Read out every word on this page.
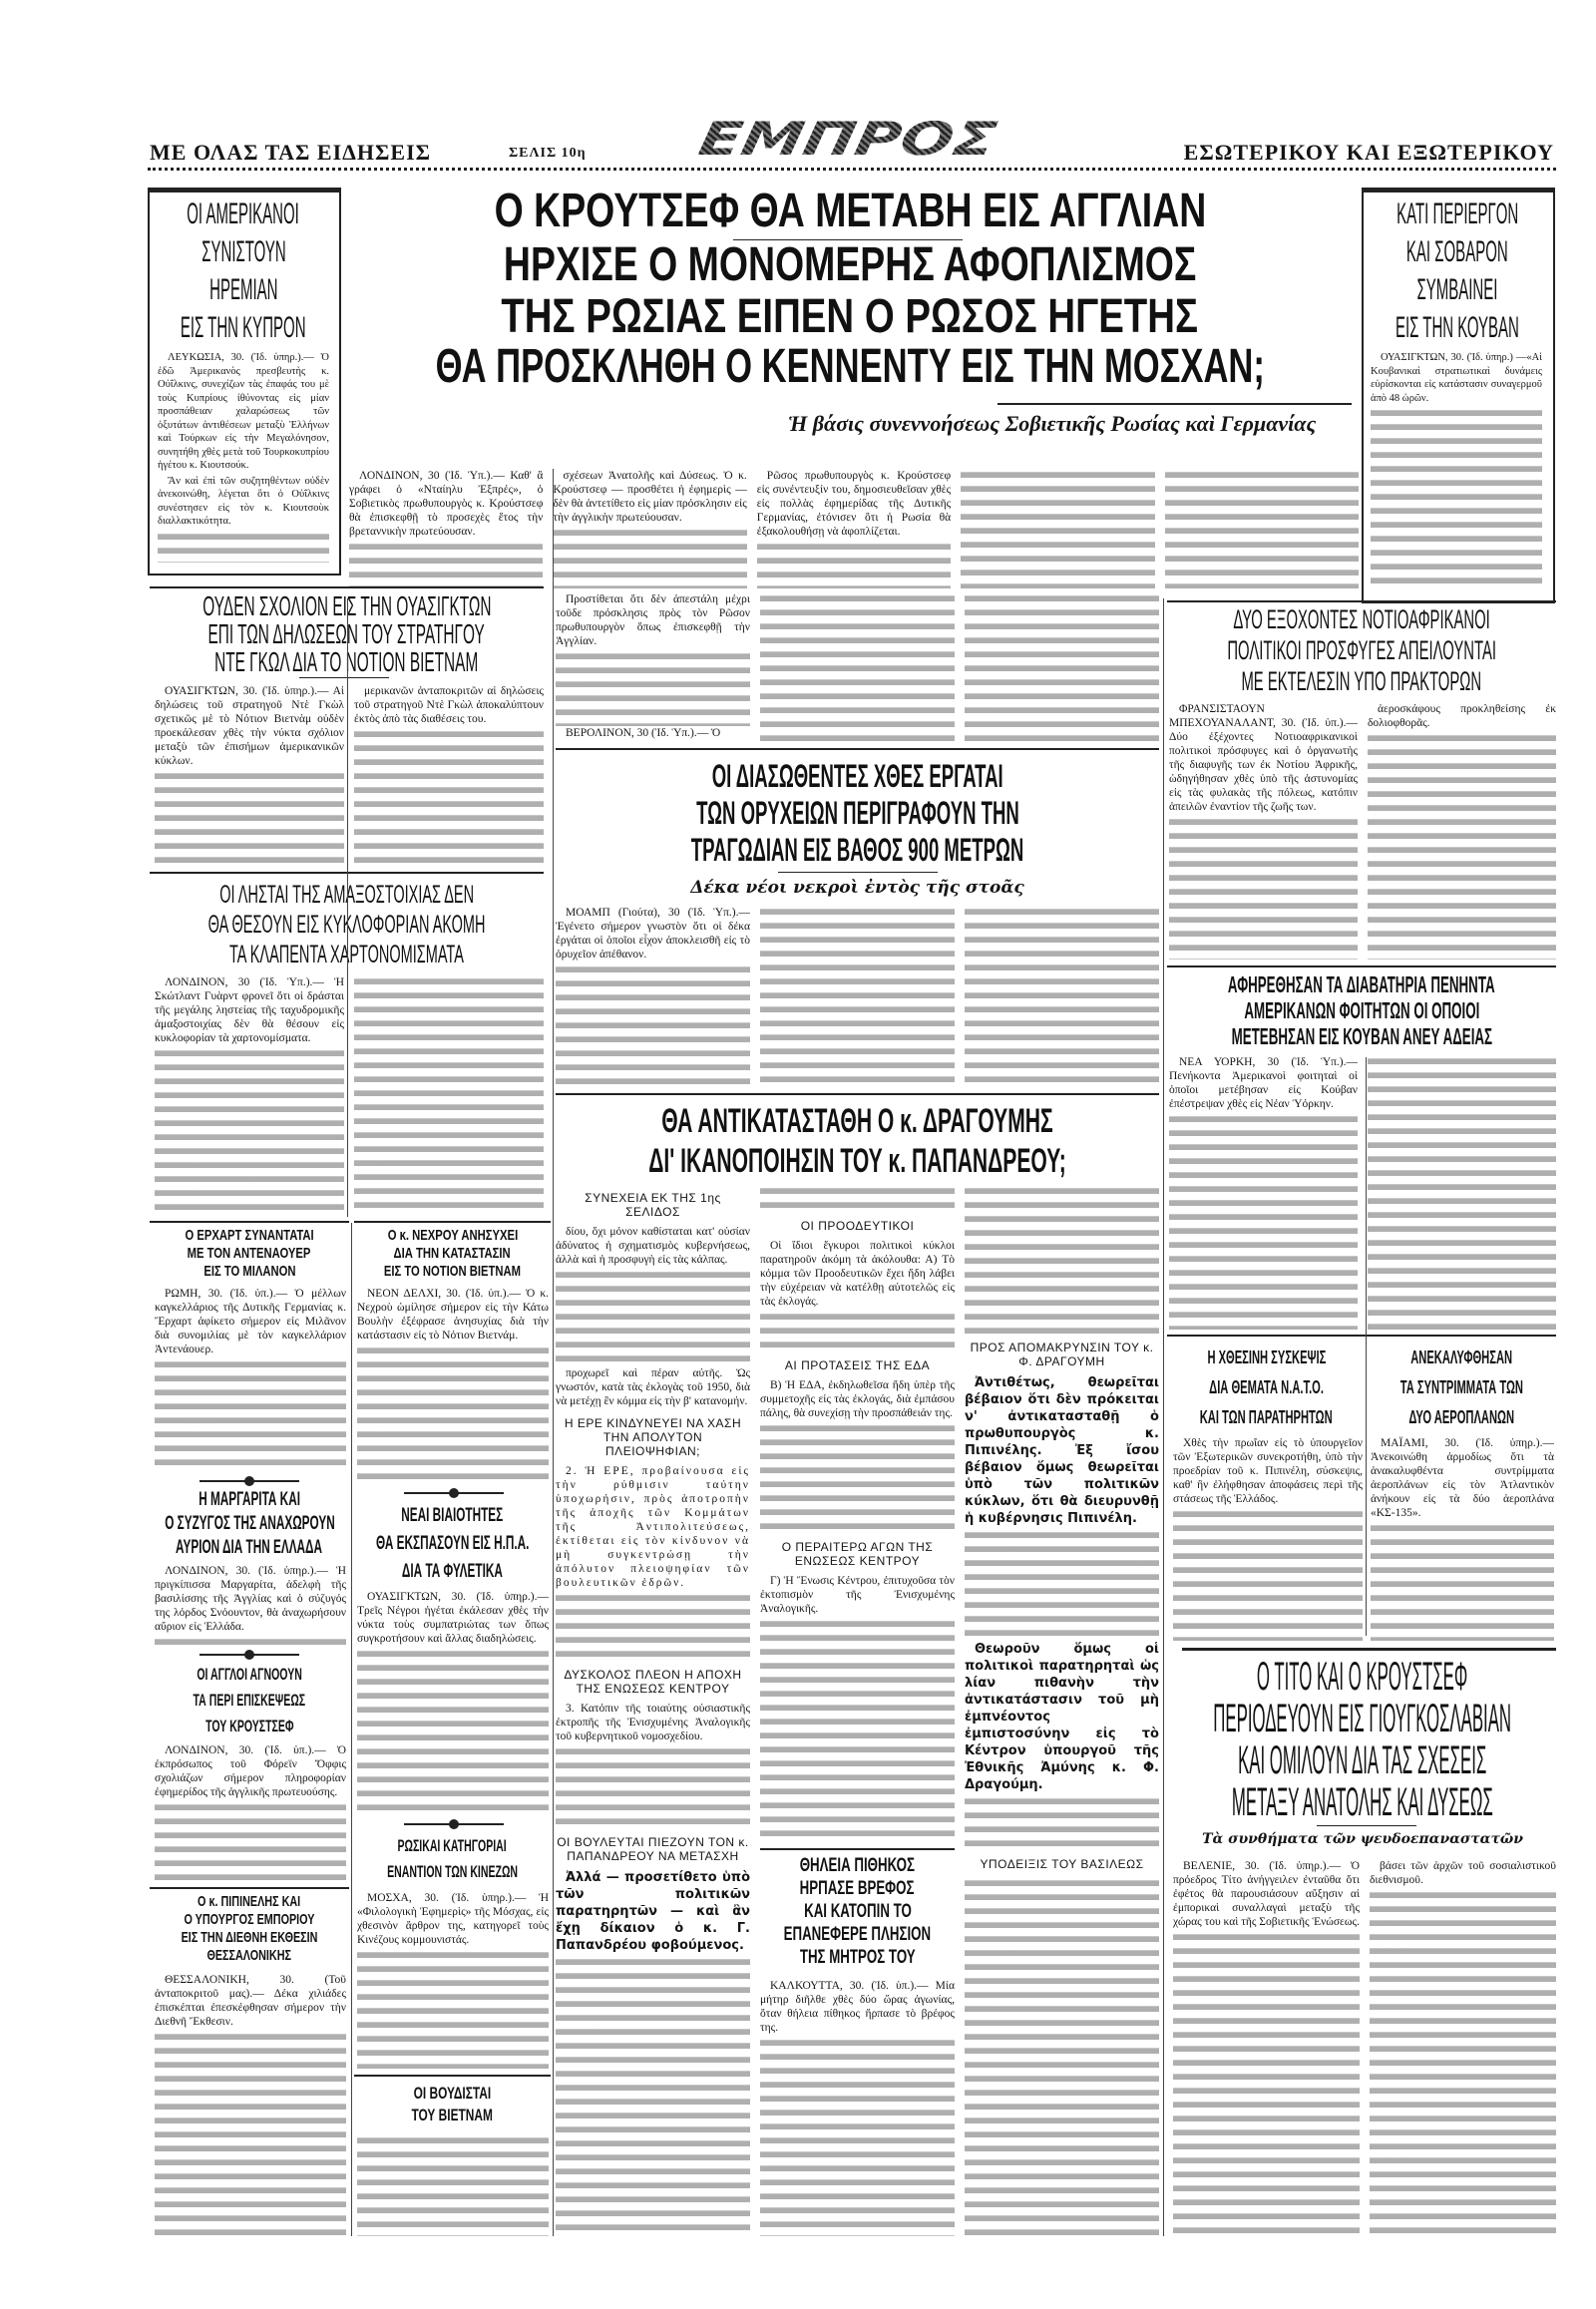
ΜΕ ΟΛΑΣ ΤΑΣ ΕΙΔΗΣΕΙΣ	ΣΕΛΙΣ 10η	ΕΜΠΡΟΣ	ΕΣΩΤΕΡΙΚΟΥ ΚΑΙ ΕΞΩΤΕΡΙΚΟΥ
ΟΙ ΑΜΕΡΙΚΑΝΟΙ
ΣΥΝΙΣΤΟΥΝ
ΗΡΕΜΙΑΝ
ΕΙΣ ΤΗΝ ΚΥΠΡΟΝ

ΛΕΥΚΩΣΙΑ, 30. (Ἰδ. ὑπηρ.).— Ὁ ἐδῶ Ἀμερικανὸς πρεσβευτὴς κ. Οὐΐλκινς, συνεχίζων τὰς ἐπαφάς του μὲ τοὺς Κυπρίους ἰθύνοντας εἰς μίαν προσπάθειαν χαλαρώσεως τῶν ὀξυτάτων ἀντιθέσεων μεταξὺ Ἑλλήνων καὶ Τούρκων εἰς τὴν Μεγαλόνησον, συνητήθη χθὲς μετὰ τοῦ Τουρκοκυπρίου ἡγέτου κ. Κιουτσούκ.

Ἂν καὶ ἐπὶ τῶν συζητηθέντων οὐδὲν ἀνεκοινώθη, λέγεται ὅτι ὁ Οὐΐλκινς συνέστησεν εἰς τὸν κ. Κιουτσοὺκ διαλλακτικότητα.

Ο ΚΡΟΥΤΣΕΦ ΘΑ ΜΕΤΑΒΗ ΕΙΣ ΑΓΓΛΙΑΝ
ΗΡΧΙΣΕ Ο ΜΟΝΟΜΕΡΗΣ ΑΦΟΠΛΙΣΜΟΣ
ΤΗΣ ΡΩΣΙΑΣ ΕΙΠΕΝ Ο ΡΩΣΟΣ ΗΓΕΤΗΣ
ΘΑ ΠΡΟΣΚΛΗΘΗ Ο ΚΕΝΝΕΝΤΥ ΕΙΣ ΤΗΝ ΜΟΣΧΑΝ;
Ἡ βάσις συνεννοήσεως Σοβιετικῆς Ρωσίας καὶ Γερμανίας

ΛΟΝΔΙΝΟΝ, 30 (Ἰδ. Ὑπ.).— Καθ' ἃ γράφει ὁ «Νταίηλυ Ἐξπρές», ὁ Σοβιετικὸς πρωθυπουργὸς κ. Κρούστσεφ θὰ ἐπισκεφθῇ τὸ προσεχὲς ἔτος τὴν βρεταννικὴν πρωτεύουσαν.

σχέσεων Ἀνατολῆς καὶ Δύσεως. Ὁ κ. Κρούστσεφ — προσθέτει ἡ ἐφημερὶς — δὲν θὰ ἀντετίθετο εἰς μίαν πρόσκλησιν εἰς τὴν ἀγγλικὴν πρωτεύουσαν.

Ρῶσος πρωθυπουργὸς κ. Κρούστσεφ εἰς συνέντευξίν του, δημοσιευθεῖσαν χθὲς εἰς πολλὰς ἐφημερίδας τῆς Δυτικῆς Γερμανίας, ἐτόνισεν ὅτι ἡ Ρωσία θὰ ἐξακολουθήσῃ νὰ ἀφοπλίζεται.

Προστίθεται ὅτι δὲν ἀπεστάλη μέχρι τοῦδε πρόσκλησις πρὸς τὸν Ρῶσον πρωθυπουργὸν ὅπως ἐπισκεφθῇ τὴν Ἀγγλίαν.

ΒΕΡΟΛΙΝΟΝ, 30 (Ἰδ. Ὑπ.).— Ὁ

ΚΑΤΙ ΠΕΡΙΕΡΓΟΝ
ΚΑΙ ΣΟΒΑΡΟΝ
ΣΥΜΒΑΙΝΕΙ
ΕΙΣ ΤΗΝ ΚΟΥΒΑΝ

ΟΥΑΣΙΓΚΤΩΝ, 30. (Ἰδ. ὑπηρ.) —«Αἱ Κουβανικαὶ στρατιωτικαὶ δυνάμεις εὑρίσκονται εἰς κατάστασιν συναγερμοῦ ἀπὸ 48 ὡρῶν.

ΟΥΔΕΝ ΣΧΟΛΙΟΝ ΕΙΣ ΤΗΝ ΟΥΑΣΙΓΚΤΩΝ
ΕΠΙ ΤΩΝ ΔΗΛΩΣΕΩΝ ΤΟΥ ΣΤΡΑΤΗΓΟΥ
ΝΤΕ ΓΚΩΛ ΔΙΑ ΤΟ ΝΟΤΙΟΝ ΒΙΕΤΝΑΜ

ΟΥΑΣΙΓΚΤΩΝ, 30. (Ἰδ. ὑπηρ.).— Αἱ δηλώσεις τοῦ στρατηγοῦ Ντὲ Γκὼλ σχετικῶς μὲ τὸ Νότιον Βιετνὰμ οὐδὲν προεκάλεσαν χθὲς τὴν νύκτα σχόλιον μεταξὺ τῶν ἐπισήμων ἀμερικανικῶν κύκλων.

μερικανῶν ἀνταποκριτῶν αἱ δηλώσεις τοῦ στρατηγοῦ Ντὲ Γκὼλ ἀποκαλύπτουν ἐκτὸς ἀπὸ τὰς διαθέσεις του.

ΔΥΟ ΕΞΟΧΟΝΤΕΣ ΝΟΤΙΟΑΦΡΙΚΑΝΟΙ
ΠΟΛΙΤΙΚΟΙ ΠΡΟΣΦΥΓΕΣ ΑΠΕΙΛΟΥΝΤΑΙ
ΜΕ ΕΚΤΕΛΕΣΙΝ ΥΠΟ ΠΡΑΚΤΟΡΩΝ

ΦΡΑΝΣΙΣΤΑΟΥΝ ΜΠΕΧΟΥΑΝΑΛΑΝΤ, 30. (Ἰδ. ὑπ.).— Δύο ἐξέχοντες Νοτιοαφρικανικοὶ πολιτικοὶ πρόσφυγες καὶ ὁ ὀργανωτὴς τῆς διαφυγῆς των ἐκ Νοτίου Ἀφρικῆς, ὡδηγήθησαν χθὲς ὑπὸ τῆς ἀστυνομίας εἰς τὰς φυλακὰς τῆς πόλεως, κατόπιν ἀπειλῶν ἐναντίον τῆς ζωῆς των.

ἀεροσκάφους προκληθείσης ἐκ δολιοφθορᾶς.

ΟΙ ΔΙΑΣΩΘΕΝΤΕΣ ΧΘΕΣ ΕΡΓΑΤΑΙ
ΤΩΝ ΟΡΥΧΕΙΩΝ ΠΕΡΙΓΡΑΦΟΥΝ ΤΗΝ
ΤΡΑΓΩΔΙΑΝ ΕΙΣ ΒΑΘΟΣ 900 ΜΕΤΡΩΝ
Δέκα νέοι νεκροὶ ἐντὸς τῆς στοᾶς

ΜΟΑΜΠ (Γιούτα), 30 (Ἰδ. Ὑπ.).— Ἐγένετο σήμερον γνωστὸν ὅτι οἱ δέκα ἐργάται οἱ ὁποῖοι εἶχον ἀποκλεισθῆ εἰς τὸ ὀρυχεῖον ἀπέθανον.

ΟΙ ΛΗΣΤΑΙ ΤΗΣ ΑΜΑΞΟΣΤΟΙΧΙΑΣ ΔΕΝ
ΘΑ ΘΕΣΟΥΝ ΕΙΣ ΚΥΚΛΟΦΟΡΙΑΝ ΑΚΟΜΗ
ΤΑ ΚΛΑΠΕΝΤΑ ΧΑΡΤΟΝΟΜΙΣΜΑΤΑ

ΛΟΝΔΙΝΟΝ, 30 (Ἰδ. Ὑπ.).— Ἡ Σκώτλαντ Γυὰρντ φρονεῖ ὅτι οἱ δράσται τῆς μεγάλης ληστείας τῆς ταχυδρομικῆς ἁμαξοστοιχίας δὲν θὰ θέσουν εἰς κυκλοφορίαν τὰ χαρτονομίσματα.

ΑΦΗΡΕΘΗΣΑΝ ΤΑ ΔΙΑΒΑΤΗΡΙΑ ΠΕΝΗΝΤΑ
ΑΜΕΡΙΚΑΝΩΝ ΦΟΙΤΗΤΩΝ ΟΙ ΟΠΟΙΟΙ
ΜΕΤΕΒΗΣΑΝ ΕΙΣ ΚΟΥΒΑΝ ΑΝΕΥ ΑΔΕΙΑΣ

ΝΕΑ ΥΟΡΚΗ, 30 (Ἰδ. Ὑπ.).— Πενήκοντα Ἀμερικανοὶ φοιτηταὶ οἱ ὁποῖοι μετέβησαν εἰς Κούβαν ἐπέστρεψαν χθὲς εἰς Νέαν Ὑόρκην.

ΘΑ ΑΝΤΙΚΑΤΑΣΤΑΘΗ Ο κ. ΔΡΑΓΟΥΜΗΣ
ΔΙ' ΙΚΑΝΟΠΟΙΗΣΙΝ ΤΟΥ κ. ΠΑΠΑΝΔΡΕΟΥ;
ΣΥΝΕΧΕΙΑ ΕΚ ΤΗΣ 1ης ΣΕΛΙΔΟΣ

δίου, ὄχι μόνον καθίσταται κατ' οὐσίαν ἀδύνατος ἡ σχηματισμὸς κυβερνήσεως, ἀλλὰ καὶ ἡ προσφυγὴ εἰς τὰς κάλπας.

προχωρεῖ καὶ πέραν αὐτῆς. Ὡς γνωστόν, κατὰ τὰς ἐκλογὰς τοῦ 1950, διὰ νὰ μετέχῃ ἓν κόμμα εἰς τὴν β' κατανομήν.

Η ΕΡΕ ΚΙΝΔΥΝΕΥΕΙ ΝΑ ΧΑΣΗ ΤΗΝ ΑΠΟΛΥΤΟΝ ΠΛΕΙΟΨΗΦΙΑΝ;

2. Ἡ ΕΡΕ, προβαίνουσα εἰς τὴν ρύθμισιν ταύτην ὑποχωρήσιν, πρὸς ἀποτροπὴν τῆς ἀποχῆς τῶν Κομμάτων τῆς Ἀντιπολιτεύσεως, ἐκτίθεται εἰς τὸν κίνδυνον νὰ μὴ συγκεντρώσῃ τὴν ἀπόλυτον πλειοψηφίαν τῶν βουλευτικῶν ἑδρῶν.

ΔΥΣΚΟΛΟΣ ΠΛΕΟΝ Η ΑΠΟΧΗ ΤΗΣ ΕΝΩΣΕΩΣ ΚΕΝΤΡΟΥ

3. Κατόπιν τῆς τοιαύτης οὐσιαστικῆς ἐκτροπῆς τῆς Ἐνισχυμένης Ἀναλογικῆς τοῦ κυβερνητικοῦ νομοσχεδίου.

ΟΙ ΒΟΥΛΕΥΤΑΙ ΠΙΕΖΟΥΝ ΤΟΝ κ. ΠΑΠΑΝΔΡΕΟΥ ΝΑ ΜΕΤΑΣΧΗ

Ἀλλά — προσετίθετο ὑπὸ τῶν πολιτικῶν παρατηρητῶν — καὶ ἂν ἔχῃ δίκαιον ὁ κ. Γ. Παπανδρέου φοβούμενος.

ΟΙ ΠΡΟΟΔΕΥΤΙΚΟΙ

Οἱ ἴδιοι ἔγκυροι πολιτικοὶ κύκλοι παρατηροῦν ἀκόμη τὰ ἀκόλουθα: Α) Τὸ κόμμα τῶν Προοδευτικῶν ἔχει ἤδη λάβει τὴν εὐχέρειαν νὰ κατέλθῃ αὐτοτελῶς εἰς τὰς ἐκλογάς.

ΑΙ ΠΡΟΤΑΣΕΙΣ ΤΗΣ ΕΔΑ

Β) Ἡ ΕΔΑ, ἐκδηλωθεῖσα ἤδη ὑπὲρ τῆς συμμετοχῆς εἰς τὰς ἐκλογάς, διὰ ἐμπάσου πάλης, θὰ συνεχίσῃ τὴν προσπάθειάν της.

Ο ΠΕΡΑΙΤΕΡΩ ΑΓΩΝ ΤΗΣ ΕΝΩΣΕΩΣ ΚΕΝΤΡΟΥ

Γ) Ἡ Ἕνωσις Κέντρου, ἐπιτυχοῦσα τὸν ἐκτοπισμὸν τῆς Ἐνισχυμένης Ἀναλογικῆς.

ΘΗΛΕΙΑ ΠΙΘΗΚΟΣ
ΗΡΠΑΣΕ ΒΡΕΦΟΣ
ΚΑΙ ΚΑΤΟΠΙΝ ΤΟ
ΕΠΑΝΕΦΕΡΕ ΠΛΗΣΙΟΝ
ΤΗΣ ΜΗΤΡΟΣ ΤΟΥ

ΚΑΛΚΟΥΤΤΑ, 30. (Ἰδ. ὑπ.).— Μία μήτηρ διῆλθε χθὲς δύο ὥρας ἀγωνίας, ὅταν θήλεια πίθηκος ἥρπασε τὸ βρέφος της.

ΠΡΟΣ ΑΠΟΜΑΚΡΥΝΣΙΝ ΤΟΥ κ. Φ. ΔΡΑΓΟΥΜΗ

Ἀντιθέτως, θεωρεῖται βέβαιον ὅτι δὲν πρόκειται ν' ἀντικατασταθῇ ὁ πρωθυπουργὸς κ. Πιπινέλης. Ἐξ ἴσου βέβαιον ὅμως θεωρεῖται ὑπὸ τῶν πολιτικῶν κύκλων, ὅτι θὰ διευρυνθῇ ἡ κυβέρνησις Πιπινέλη.

Θεωροῦν ὅμως οἱ πολιτικοὶ παρατηρηταὶ ὡς λίαν πιθανὴν τὴν ἀντικατάστασιν τοῦ μὴ ἐμπνέοντος ἐμπιστοσύνην εἰς τὸ Κέντρον ὑπουργοῦ τῆς Ἐθνικῆς Ἀμύνης κ. Φ. Δραγούμη.

ΥΠΟΔΕΙΞΙΣ ΤΟΥ ΒΑΣΙΛΕΩΣ
Ο ΕΡΧΑΡΤ ΣΥΝΑΝΤΑΤΑΙ
ΜΕ ΤΟΝ ΑΝΤΕΝΑΟΥΕΡ
ΕΙΣ ΤΟ ΜΙΛΑΝΟΝ

ΡΩΜΗ, 30. (Ἰδ. ὑπ.).— Ὁ μέλλων καγκελλάριος τῆς Δυτικῆς Γερμανίας κ. Ἔρχαρτ ἀφίκετο σήμερον εἰς Μιλᾶνον διὰ συνομιλίας μὲ τὸν καγκελλάριον Ἀντενάουερ.

Η ΜΑΡΓΑΡΙΤΑ ΚΑΙ
Ο ΣΥΖΥΓΟΣ ΤΗΣ ΑΝΑΧΩΡΟΥΝ
ΑΥΡΙΟΝ ΔΙΑ ΤΗΝ ΕΛΛΑΔΑ

ΛΟΝΔΙΝΟΝ, 30. (Ἰδ. ὑπηρ.).— Ἡ πριγκίπισσα Μαργαρίτα, ἀδελφὴ τῆς βασιλίσσης τῆς Ἀγγλίας καὶ ὁ σύζυγός της λόρδος Σνόουντον, θὰ ἀναχωρήσουν αὔριον εἰς Ἑλλάδα.

ΟΙ ΑΓΓΛΟΙ ΑΓΝΟΟΥΝ
ΤΑ ΠΕΡΙ ΕΠΙΣΚΕΨΕΩΣ
ΤΟΥ ΚΡΟΥΣΤΣΕΦ

ΛΟΝΔΙΝΟΝ, 30. (Ἰδ. ὑπ.).— Ὁ ἐκπρόσωπος τοῦ Φόρεϊν Ὄφφις σχολιάζων σήμερον πληροφορίαν ἐφημερίδος τῆς ἀγγλικῆς πρωτευούσης.

Ο κ. ΠΙΠΙΝΕΛΗΣ ΚΑΙ
Ο ΥΠΟΥΡΓΟΣ ΕΜΠΟΡΙΟΥ
ΕΙΣ ΤΗΝ ΔΙΕΘΝΗ ΕΚΘΕΣΙΝ
ΘΕΣΣΑΛΟΝΙΚΗΣ

ΘΕΣΣΑΛΟΝΙΚΗ, 30. (Τοῦ ἀνταποκριτοῦ μας).— Δέκα χιλιάδες ἐπισκέπται ἐπεσκέφθησαν σήμερον τὴν Διεθνῆ Ἔκθεσιν.

Ο κ. ΝΕΧΡΟΥ ΑΝΗΣΥΧΕΙ
ΔΙΑ ΤΗΝ ΚΑΤΑΣΤΑΣΙΝ
ΕΙΣ ΤΟ ΝΟΤΙΟΝ ΒΙΕΤΝΑΜ

ΝΕΟΝ ΔΕΛΧΙ, 30. (Ἰδ. ὑπ.).— Ὁ κ. Νεχροὺ ὡμίλησε σήμερον εἰς τὴν Κάτω Βουλὴν ἐξέφρασε ἀνησυχίας διὰ τὴν κατάστασιν εἰς τὸ Νότιον Βιετνάμ.

ΝΕΑΙ ΒΙΑΙΟΤΗΤΕΣ
ΘΑ ΕΚΣΠΑΣΟΥΝ ΕΙΣ Η.Π.Α.
ΔΙΑ ΤΑ ΦΥΛΕΤΙΚΑ

ΟΥΑΣΙΓΚΤΩΝ, 30. (Ἰδ. ὑπηρ.).— Τρεῖς Νέγροι ἡγέται ἐκάλεσαν χθὲς τὴν νύκτα τοὺς συμπατριώτας των ὅπως συγκροτήσουν καὶ ἄλλας διαδηλώσεις.

ΡΩΣΙΚΑΙ ΚΑΤΗΓΟΡΙΑΙ
ΕΝΑΝΤΙΟΝ ΤΩΝ ΚΙΝΕΖΩΝ

ΜΟΣΧΑ, 30. (Ἰδ. ὑπηρ.).— Ἡ «Φιλολογικὴ Ἐφημερὶς» τῆς Μόσχας, εἰς χθεσινὸν ἄρθρον της, κατηγορεῖ τοὺς Κινέζους κομμουνιστάς.

ΟΙ ΒΟΥΔΙΣΤΑΙ
ΤΟΥ ΒΙΕΤΝΑΜ
Η ΧΘΕΣΙΝΗ ΣΥΣΚΕΨΙΣ
ΔΙΑ ΘΕΜΑΤΑ Ν.Α.Τ.Ο.
ΚΑΙ ΤΩΝ ΠΑΡΑΤΗΡΗΤΩΝ

Χθὲς τὴν πρωΐαν εἰς τὸ ὑπουργεῖον τῶν Ἐξωτερικῶν συνεκροτήθη, ὑπὸ τὴν προεδρίαν τοῦ κ. Πιπινέλη, σύσκεψις, καθ' ἣν ἐλήφθησαν ἀποφάσεις περὶ τῆς στάσεως τῆς Ἑλλάδος.

ΑΝΕΚΑΛΥΦΘΗΣΑΝ
ΤΑ ΣΥΝΤΡΙΜΜΑΤΑ ΤΩΝ
ΔΥΟ ΑΕΡΟΠΛΑΝΩΝ

ΜΑΪΑΜΙ, 30. (Ἰδ. ὑπηρ.).— Ἀνεκοινώθη ἁρμοδίως ὅτι τὰ ἀνακαλυφθέντα συντρίμματα ἀεροπλάνων εἰς τὸν Ἀτλαντικὸν ἀνήκουν εἰς τὰ δύο ἀεροπλάνα «ΚΣ-135».

Ο ΤΙΤΟ ΚΑΙ Ο ΚΡΟΥΣΤΣΕΦ
ΠΕΡΙΟΔΕΥΟΥΝ ΕΙΣ ΓΙΟΥΓΚΟΣΛΑΒΙΑΝ
ΚΑΙ ΟΜΙΛΟΥΝ ΔΙΑ ΤΑΣ ΣΧΕΣΕΙΣ
ΜΕΤΑΞΥ ΑΝΑΤΟΛΗΣ ΚΑΙ ΔΥΣΕΩΣ
Τὰ συνθήματα τῶν ψευδοεπαναστατῶν

ΒΕΛΕΝΙΕ, 30. (Ἰδ. ὑπηρ.).— Ὁ πρόεδρος Τίτο ἀνήγγειλεν ἐνταῦθα ὅτι ἐφέτος θὰ παρουσιάσουν αὔξησιν αἱ ἐμπορικαὶ συναλλαγαὶ μεταξὺ τῆς χώρας του καὶ τῆς Σοβιετικῆς Ἑνώσεως.

βάσει τῶν ἀρχῶν τοῦ σοσιαλιστικοῦ διεθνισμοῦ.
